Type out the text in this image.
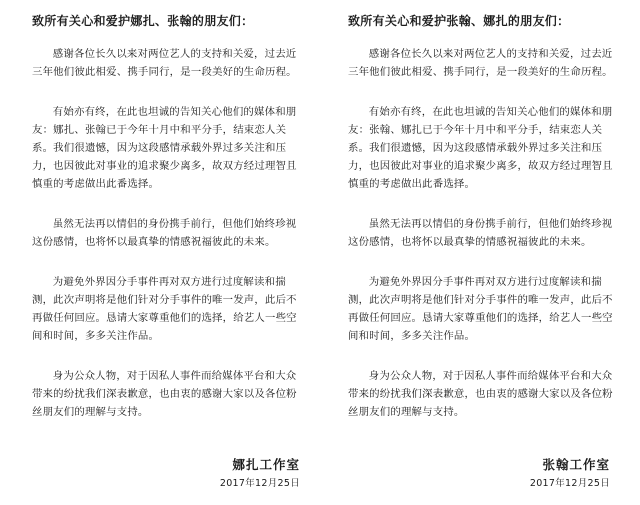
致所有关心和爱护娜扎、张翰的朋友们：
感谢各位长久以来对两位艺人的支持和关爱，过去近三年他们彼此相爱、携手同行，是一段美好的生命历程。
有始亦有终，在此也坦诚的告知关心他们的媒体和朋友：娜扎、张翰已于今年十月中和平分手，结束恋人关系。我们很遗憾，因为这段感情承载外界过多关注和压力，也因彼此对事业的追求聚少离多，故双方经过理智且慎重的考虑做出此番选择。
虽然无法再以情侣的身份携手前行，但他们始终珍视这份感情，也将怀以最真挚的情感祝福彼此的未来。
为避免外界因分手事件再对双方进行过度解读和揣测，此次声明将是他们针对分手事件的唯一发声，此后不再做任何回应。恳请大家尊重他们的选择，给艺人一些空间和时间，多多关注作品。
身为公众人物，对于因私人事件而给媒体平台和大众带来的纷扰我们深表歉意，也由衷的感谢大家以及各位粉丝朋友们的理解与支持。
娜扎工作室
2017年12月25日
致所有关心和爱护张翰、娜扎的朋友们：
感谢各位长久以来对两位艺人的支持和关爱，过去近三年他们彼此相爱、携手同行，是一段美好的生命历程。
有始亦有终，在此也坦诚的告知关心他们的媒体和朋友：张翰、娜扎已于今年十月中和平分手，结束恋人关系。我们很遗憾，因为这段感情承载外界过多关注和压力，也因彼此对事业的追求聚少离多，故双方经过理智且慎重的考虑做出此番选择。
虽然无法再以情侣的身份携手前行，但他们始终珍视这份感情，也将怀以最真挚的情感祝福彼此的未来。
为避免外界因分手事件再对双方进行过度解读和揣测，此次声明将是他们针对分手事件的唯一发声，此后不再做任何回应。恳请大家尊重他们的选择，给艺人一些空间和时间，多多关注作品。
身为公众人物，对于因私人事件而给媒体平台和大众带来的纷扰我们深表歉意，也由衷的感谢大家以及各位粉丝朋友们的理解与支持。
张翰工作室
2017年12月25日
